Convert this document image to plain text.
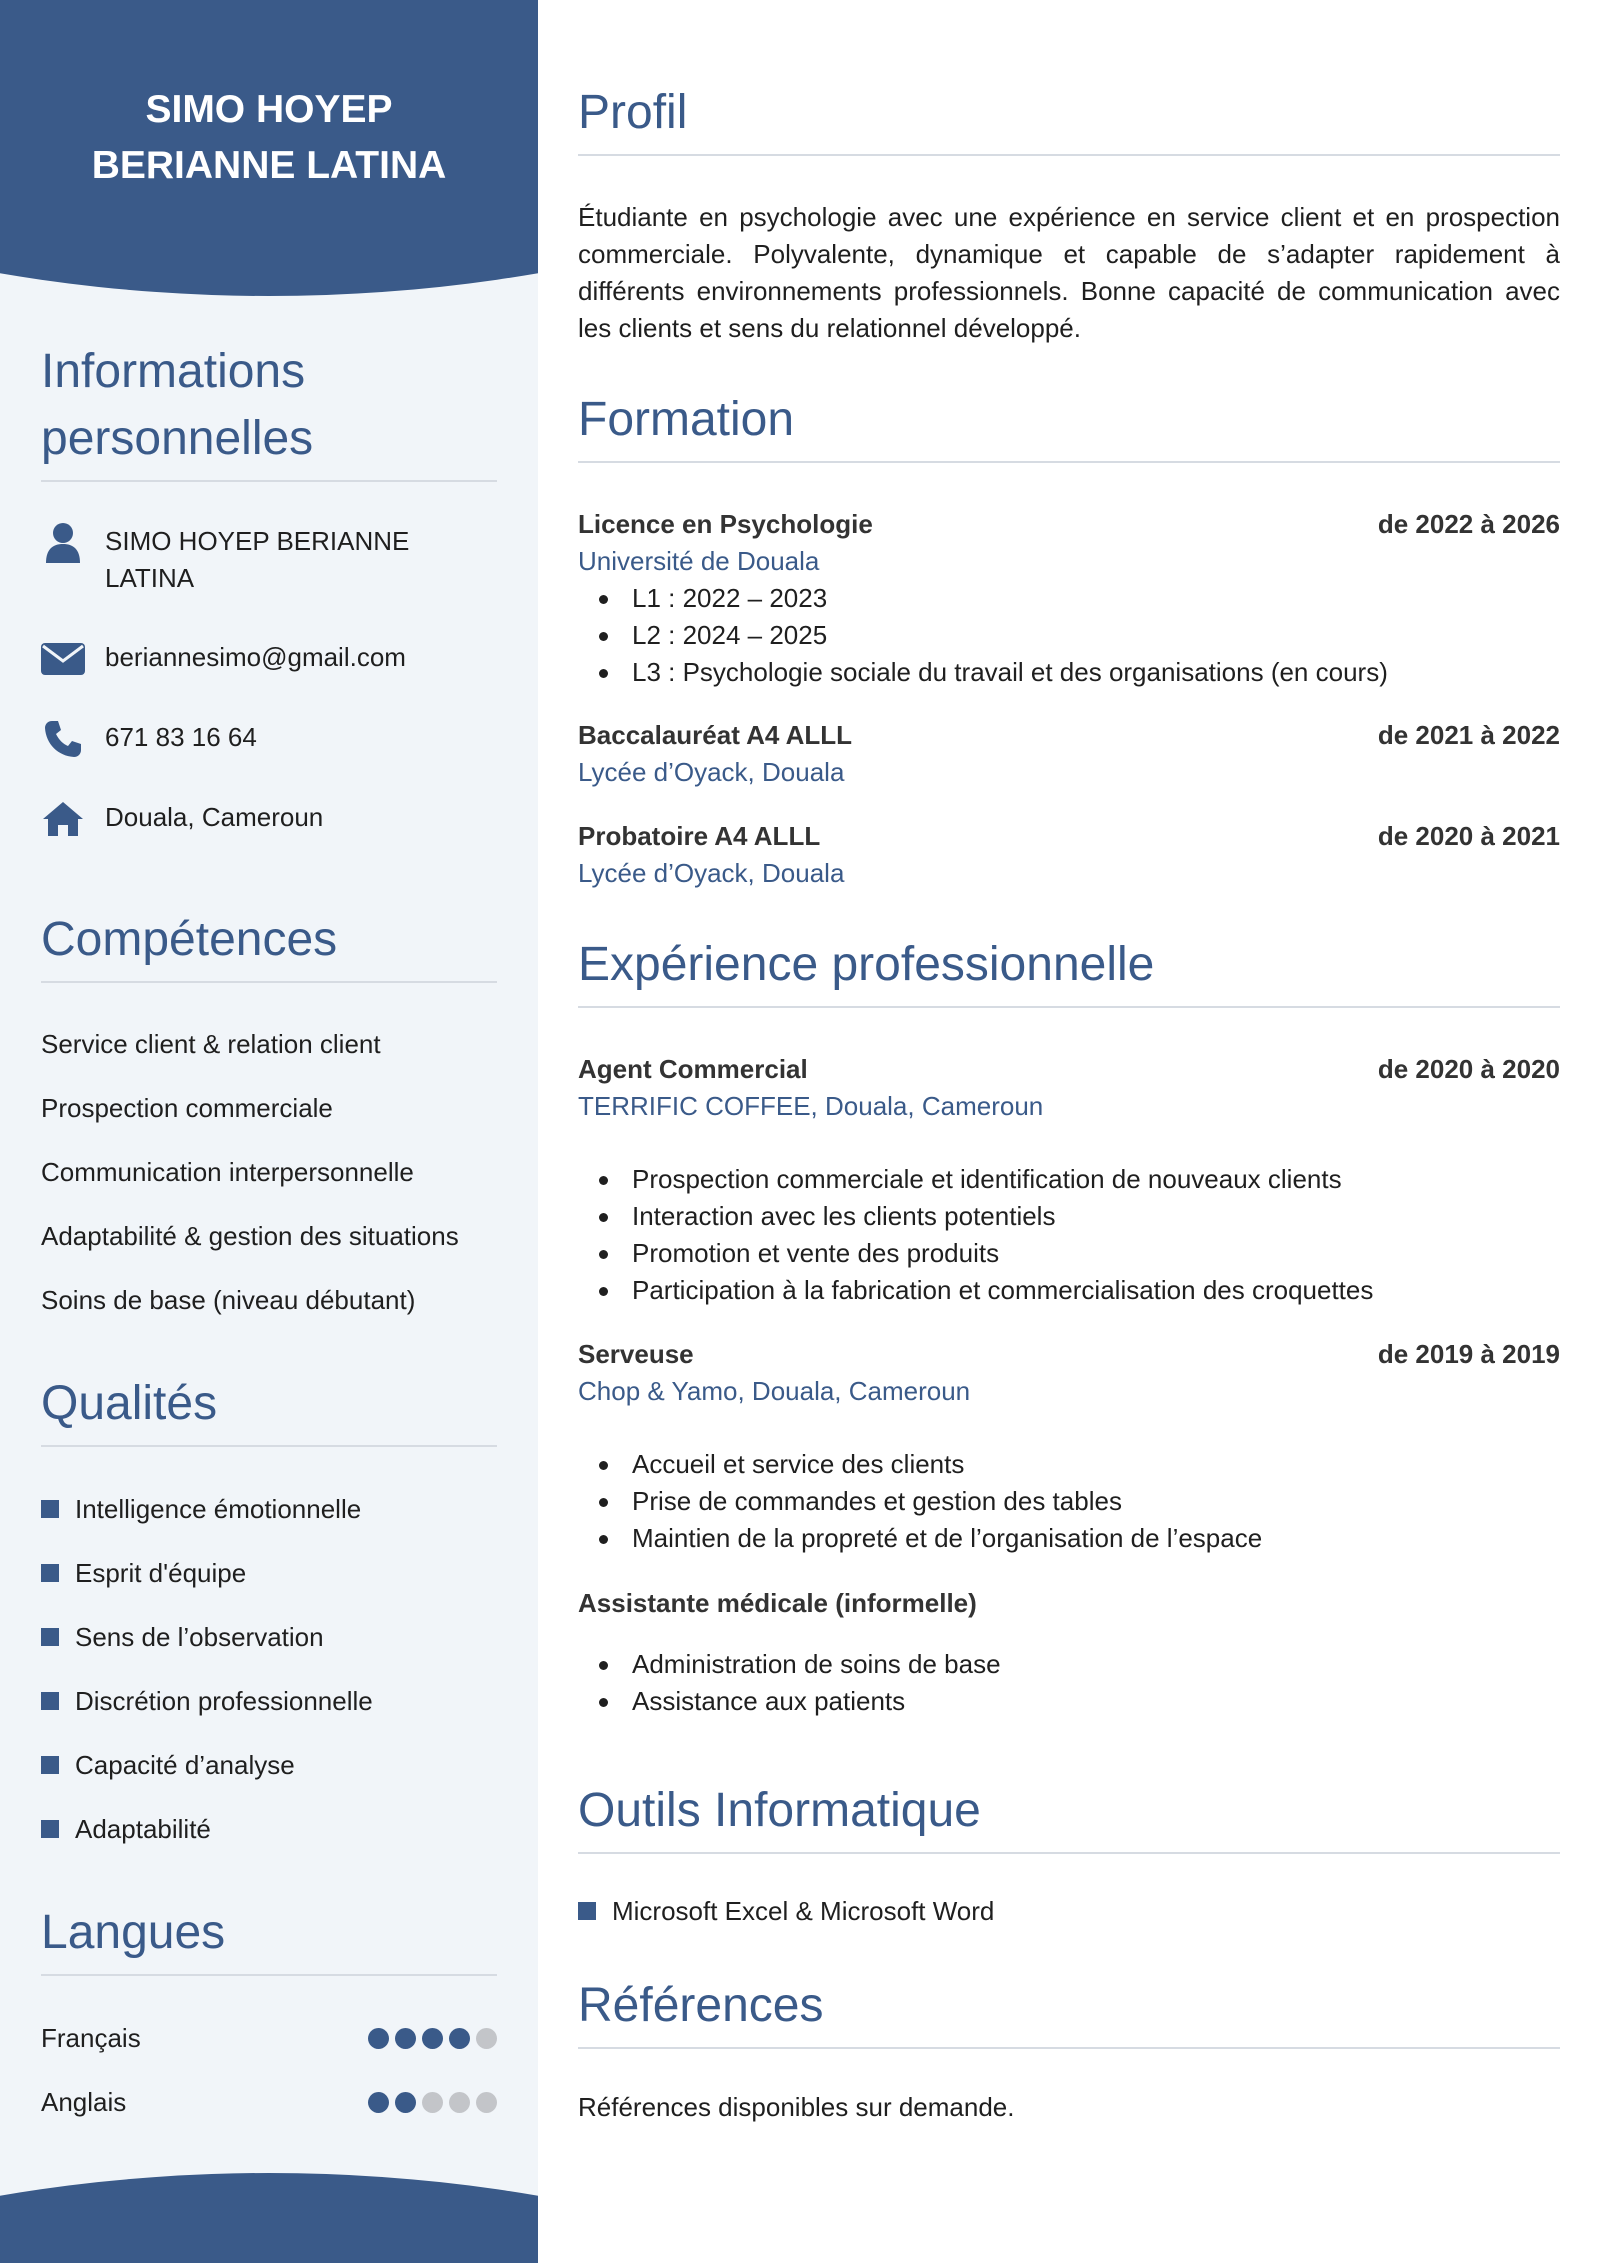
SIMO HOYEP
BERIANNE LATINA
Informations
personnelles
SIMO HOYEP BERIANNE
LATINA
beriannesimo@gmail.com
671 83 16 64
Douala, Cameroun
Compétences
Service client & relation client
Prospection commerciale
Communication interpersonnelle
Adaptabilité & gestion des situations
Soins de base (niveau débutant)
Qualités
Intelligence émotionnelle
Esprit d'équipe
Sens de l’observation
Discrétion professionnelle
Capacité d’analyse
Adaptabilité
Langues
Français
Anglais
Profil
Étudiante en psychologie avec une expérience en service client et en prospection commerciale. Polyvalente, dynamique et capable de s’adapter rapidement à différents environnements professionnels. Bonne capacité de communication avec les clients et sens du relationnel développé.
Formation
Licence en Psychologie	de 2022 à 2026
Université de Douala
L1 : 2022 – 2023
L2 : 2024 – 2025
L3 : Psychologie sociale du travail et des organisations (en cours)
Baccalauréat A4 ALLL	de 2021 à 2022
Lycée d’Oyack, Douala
Probatoire A4 ALLL	de 2020 à 2021
Lycée d’Oyack, Douala
Expérience professionnelle
Agent Commercial	de 2020 à 2020
TERRIFIC COFFEE, Douala, Cameroun
Prospection commerciale et identification de nouveaux clients
Interaction avec les clients potentiels
Promotion et vente des produits
Participation à la fabrication et commercialisation des croquettes
Serveuse	de 2019 à 2019
Chop & Yamo, Douala, Cameroun
Accueil et service des clients
Prise de commandes et gestion des tables
Maintien de la propreté et de l’organisation de l’espace
Assistante médicale (informelle)
Administration de soins de base
Assistance aux patients
Outils Informatique
Microsoft Excel & Microsoft Word
Références
Références disponibles sur demande.
